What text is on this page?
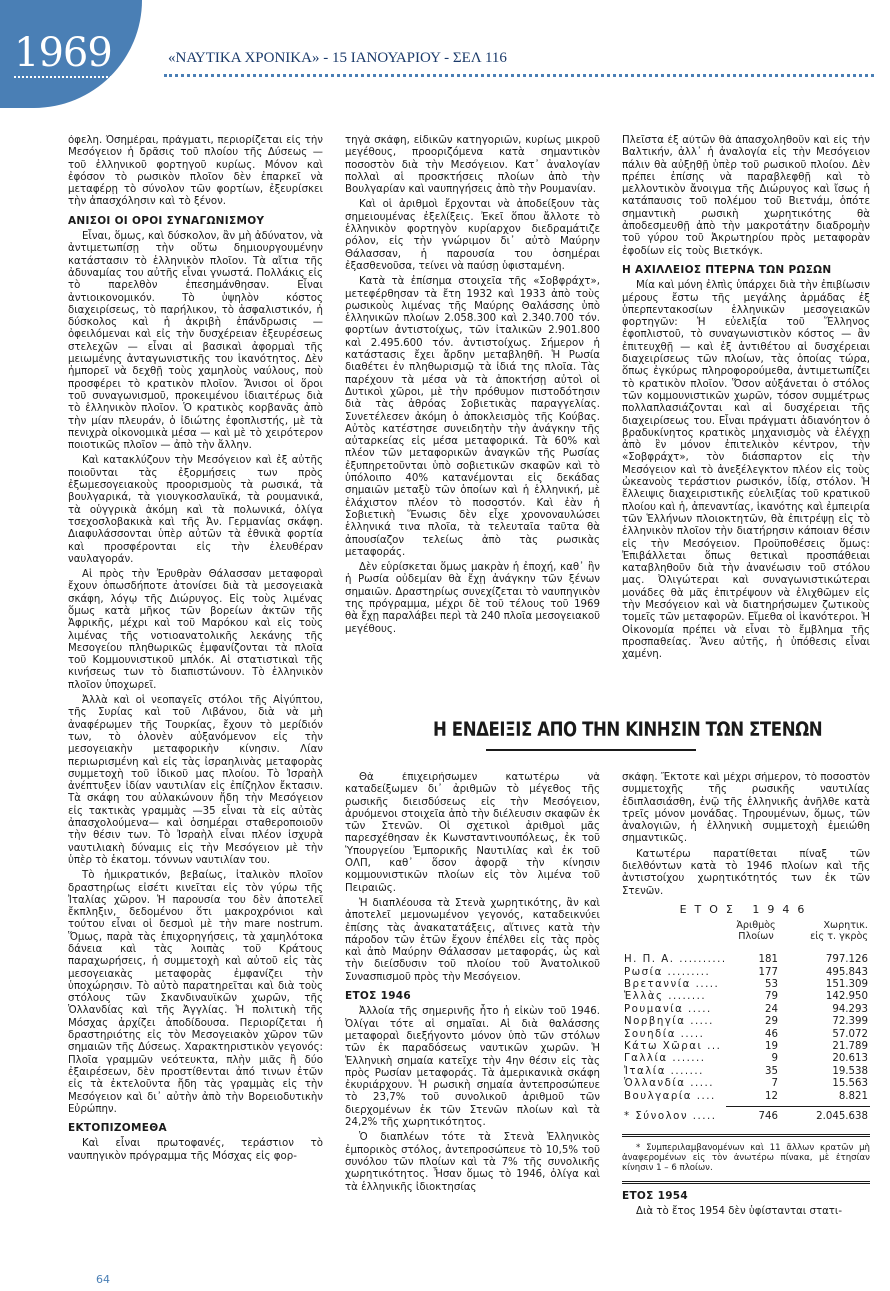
1969	«ΝΑΥΤΙΚΑ ΧΡΟΝΙΚΑ» - 15 ΙΑΝΟΥΑΡΙΟΥ - ΣΕΛ 116

όφελη. Ὀσημέραι, πράγματι, περιορίζεται εἰς τὴν Μεσόγειον ἡ δρᾶσις τοῦ πλοίου τῆς Δύσεως — τοῦ ἑλληνικοῦ φορτηγοῦ κυρίως. Μόνον καὶ ἐφόσον τὸ ρωσικὸν πλοῖον δὲν ἐπαρκεῖ νὰ μεταφέρῃ τὸ σύνολον τῶν φορτίων, ἐξευρίσκει τὴν ἀπασχόλησιν καὶ τὸ ξένον.

ΑΝΙΣΟΙ ΟΙ ΟΡΟΙ ΣΥΝΑΓΩΝΙΣΜΟΥ

Εἶναι, ὅμως, καὶ δύσκολον, ἂν μὴ ἀδύνατον, νὰ ἀντιμετωπίσῃ τὴν οὕτω δημιουργουμένην κατάστασιν τὸ ἑλληνικὸν πλοῖον. Τὰ αἴτια τῆς ἀδυναμίας του αὐτῆς εἶναι γνωστά. Πολλάκις εἰς τὸ παρελθὸν ἐπεσημάνθησαν. Εἶναι ἀντιοικονομικόν. Τὸ ὑψηλὸν κόστος διαχειρίσεως, τὸ παρήλικον, τὸ ἀσφαλιστικόν, ἡ δύσκολος καὶ ἡ ἀκριβὴ ἐπάνδρωσις — ὀφειλόμεναι καὶ εἰς τὴν δυσχέρειαν ἐξευρέσεως στελεχῶν — εἶναι αἱ βασικαὶ ἀφορμαὶ τῆς μειωμένης ἀνταγωνιστικῆς του ἱκανότητος. Δὲν ἠμπορεῖ νὰ δεχθῇ τοὺς χαμηλοὺς ναύλους, ποὺ προσφέρει τὸ κρατικὸν πλοῖον. Ἄνισοι οἱ ὅροι τοῦ συναγωνισμοῦ, προκειμένου ἰδιαιτέρως διὰ τὸ ἑλληνικὸν πλοῖον. Ὁ κρατικὸς κορβανᾶς ἀπὸ τὴν μίαν πλευράν, ὁ ἰδιώτης ἐφοπλιστής, μὲ τὰ πενιχρὰ οἰκονομικὰ μέσα — καὶ μὲ τὸ χειρότερον ποιοτικῶς πλοῖον — ἀπὸ τὴν ἄλλην.

Καὶ κατακλύζουν τὴν Μεσόγειον καὶ ἐξ αὐτῆς ποιοῦνται τὰς ἐξορμήσεις των πρὸς ἐξωμεσογειακοὺς προορισμοὺς τὰ ρωσικά, τὰ βουλγαρικά, τὰ γιουγκοσλαυϊκά, τὰ ρουμανικά, τὰ οὑγγρικὰ ἀκόμη καὶ τὰ πολωνικά, ὀλίγα τσεχοσλοβακικὰ καὶ τῆς Ἀν. Γερμανίας σκάφη. Διαφυλάσσονται ὑπὲρ αὐτῶν τὰ ἐθνικὰ φορτία καὶ προσφέρονται εἰς τὴν ἐλευθέραν ναυλαγοράν.

Αἱ πρὸς τὴν Ἐρυθρὰν Θάλασσαν μεταφοραὶ ἔχουν ὁπωσδήποτε ἀτονίσει διὰ τὰ μεσογειακὰ σκάφη, λόγῳ τῆς Διώρυγος. Εἰς τοὺς λιμένας ὅμως κατὰ μῆκος τῶν βορείων ἀκτῶν τῆς Ἀφρικῆς, μέχρι καὶ τοῦ Μαρόκου καὶ εἰς τοὺς λιμένας τῆς νοτιοανατολικῆς λεκάνης τῆς Μεσογείου πληθωρικῶς ἐμφανίζονται τὰ πλοῖα τοῦ Κομμουνιστικοῦ μπλόκ. Αἱ στατιστικαὶ τῆς κινήσεως των τὸ διαπιστώνουν. Τὸ ἑλληνικὸν πλοῖον ὑποχωρεῖ.

Ἀλλὰ καὶ οἱ νεοπαγεῖς στόλοι τῆς Αἰγύπτου, τῆς Συρίας καὶ τοῦ Λιβάνου, διὰ νὰ μὴ ἀναφέρωμεν τῆς Τουρκίας, ἔχουν τὸ μερίδιόν των, τὸ ὁλονὲν αὐξανόμενον εἰς τὴν μεσογειακὴν μεταφορικὴν κίνησιν. Λίαν περιωρισμένη καὶ εἰς τὰς ἰσραηλινὰς μεταφορὰς συμμετοχὴ τοῦ ἰδικοῦ μας πλοίου. Τὸ Ἰσραὴλ ἀνέπτυξεν ἰδίαν ναυτιλίαν εἰς ἐπίζηλον ἔκτασιν. Τὰ σκάφη του αὐλακώνουν ἤδη τὴν Μεσόγειον εἰς τακτικὰς γραμμὰς —35 εἶναι τὰ εἰς αὐτὰς ἀπασχολούμενα— καὶ ὁσημέραι σταθεροποιοῦν τὴν θέσιν των. Τὸ Ἰσραὴλ εἶναι πλέον ἰσχυρὰ ναυτιλιακὴ δύναμις εἰς τὴν Μεσόγειον μὲ τὴν ὑπὲρ τὸ ἑκατομ. τόννων ναυτιλίαν του.

Τὸ ἡμικρατικόν, βεβαίως, ἰταλικὸν πλοῖον δραστηρίως εἰσέτι κινεῖται εἰς τὸν γύρω τῆς Ἰταλίας χῶρον. Ἡ παρουσία του δὲν ἀποτελεῖ ἔκπληξιν, δεδομένου ὅτι μακροχρόνιοι καὶ τούτου εἶναι οἱ δεσμοὶ μὲ τὴν mare nostrum. Ὅμως, παρὰ τὰς ἐπιχορηγήσεις, τὰ χαμηλότοκα δάνεια καὶ τὰς λοιπὰς τοῦ Κράτους παραχωρήσεις, ἡ συμμετοχὴ καὶ αὐτοῦ εἰς τὰς μεσογειακὰς μεταφορὰς ἐμφανίζει τὴν ὑποχώρησιν. Τὸ αὐτὸ παρατηρεῖται καὶ διὰ τοὺς στόλους τῶν Σκανδιναυϊκῶν χωρῶν, τῆς Ὁλλανδίας καὶ τῆς Ἀγγλίας. Ἡ πολιτικὴ τῆς Μόσχας ἀρχίζει ἀποδίδουσα. Περιορίζεται ἡ δραστηριότης εἰς τὸν Μεσογειακὸν χῶρον τῶν σημαιῶν τῆς Δύσεως. Χαρακτηριστικὸν γεγονός: Πλοῖα γραμμῶν νεότευκτα, πλὴν μιᾶς ἢ δύο ἐξαιρέσεων, δὲν προστίθενται ἀπό τινων ἐτῶν εἰς τὰ ἐκτελοῦντα ἤδη τὰς γραμμὰς εἰς τὴν Μεσόγειον καὶ δι᾽ αὐτὴν ἀπὸ τὴν Βορειοδυτικὴν Εὐρώπην.

ΕΚΤΟΠΙΖΟΜΕΘΑ

Καὶ εἶναι πρωτοφανές, τεράστιον τὸ ναυπηγικὸν πρόγραμμα τῆς Μόσχας εἰς φορ-

τηγὰ σκάφη, εἰδικῶν κατηγοριῶν, κυρίως μικροῦ μεγέθους, προοριζόμενα κατὰ σημαντικὸν ποσοστὸν διὰ τὴν Μεσόγειον. Κατ᾽ ἀναλογίαν πολλαὶ αἱ προσκτήσεις πλοίων ἀπὸ τὴν Βουλγαρίαν καὶ ναυπηγήσεις ἀπὸ τὴν Ρουμανίαν.

Καὶ οἱ ἀριθμοὶ ἔρχονται νὰ ἀποδείξουν τὰς σημειουμένας ἐξελίξεις. Ἐκεῖ ὅπου ἄλλοτε τὸ ἑλληνικὸν φορτηγὸν κυρίαρχον διεδραμάτιζε ρόλον, εἰς τὴν γνώριμον δι᾽ αὐτὸ Μαύρην Θάλασσαν, ἡ παρουσία του ὁσημέραι ἐξασθενοῦσα, τείνει νὰ παύσῃ ὑφισταμένη.

Κατὰ τὰ ἐπίσημα στοιχεῖα τῆς «Σοβφράχτ», μετεφέρθησαν τὰ ἔτη 1932 καὶ 1933 ἀπὸ τοὺς ρωσικοὺς λιμένας τῆς Μαύρης Θαλάσσης ὑπὸ ἑλληνικῶν πλοίων 2.058.300 καὶ 2.340.700 τόν. φορτίων ἀντιστοίχως, τῶν ἰταλικῶν 2.901.800 καὶ 2.495.600 τόν. ἀντιστοίχως. Σήμερον ἡ κατάστασις ἔχει ἄρδην μεταβληθῆ. Ἡ Ρωσία διαθέτει ἐν πληθωρισμῷ τὰ ἰδιά της πλοῖα. Τὰς παρέχουν τὰ μέσα νὰ τὰ ἀποκτήσῃ αὐτοὶ οἱ Δυτικοὶ χῶροι, μὲ τὴν πρόθυμον πιστοδότησιν διὰ τὰς ἀθρόας Σοβιετικὰς παραγγελίας. Συνετέλεσεν ἀκόμη ὁ ἀποκλεισμὸς τῆς Κούβας. Αὐτὸς κατέστησε συνειδητὴν τὴν ἀνάγκην τῆς αὐταρκείας εἰς μέσα μεταφορικά. Τὰ 60% καὶ πλέον τῶν μεταφορικῶν ἀναγκῶν τῆς Ρωσίας ἐξυπηρετοῦνται ὑπὸ σοβιετικῶν σκαφῶν καὶ τὸ ὑπόλοιπο 40% κατανέμονται εἰς δεκάδας σημαιῶν μεταξὺ τῶν ὁποίων καὶ ἡ ἑλληνική, μὲ ἐλάχιστον πλέον τὸ ποσοστόν. Καὶ ἐὰν ἡ Σοβιετικὴ Ἕνωσις δὲν εἶχε χρονοναυλώσει ἑλληνικά τινα πλοῖα, τὰ τελευταῖα ταῦτα θὰ ἀπουσίαζον τελείως ἀπὸ τὰς ρωσικὰς μεταφοράς.

Δὲν εὑρίσκεται ὅμως μακρὰν ἡ ἐποχή, καθ᾽ ἣν ἡ Ρωσία οὐδεμίαν θὰ ἔχῃ ἀνάγκην τῶν ξένων σημαιῶν. Δραστηρίως συνεχίζεται τὸ ναυπηγικὸν της πρόγραμμα, μέχρι δὲ τοῦ τέλους τοῦ 1969 θὰ ἔχῃ παραλάβει περὶ τὰ 240 πλοῖα μεσογειακοῦ μεγέθους.

Πλεῖστα ἐξ αὐτῶν θὰ ἀπασχοληθοῦν καὶ εἰς τὴν Βαλτικήν, ἀλλ᾽ ἡ ἀναλογία εἰς τὴν Μεσόγειον πάλιν θὰ αὐξηθῇ ὑπὲρ τοῦ ρωσικοῦ πλοίου. Δὲν πρέπει ἐπίσης νὰ παραβλεφθῇ καὶ τὸ μελλοντικὸν ἄνοιγμα τῆς Διώρυγος καὶ ἴσως ἡ κατάπαυσις τοῦ πολέμου τοῦ Βιετνάμ, ὁπότε σημαντικὴ ρωσικὴ χωρητικότης θὰ ἀποδεσμευθῇ ἀπὸ τὴν μακροτάτην διαδρομὴν τοῦ γύρου τοῦ Ἀκρωτηρίου πρὸς μεταφορὰν ἐφοδίων εἰς τοὺς Βιετκόγκ.

Η ΑΧΙΛΛΕΙΟΣ ΠΤΕΡΝΑ ΤΩΝ ΡΩΣΩΝ

Μία καὶ μόνη ἐλπὶς ὑπάρχει διὰ τὴν ἐπιβίωσιν μέρους ἔστω τῆς μεγάλης ἀρμάδας ἐξ ὑπερπεντακοσίων ἑλληνικῶν μεσογειακῶν φορτηγῶν: Ἡ εὐελιξία τοῦ Ἕλληνος ἐφοπλιστοῦ, τὸ συναγωνιστικὸν κόστος — ἂν ἐπιτευχθῇ — καὶ ἐξ ἀντιθέτου αἱ δυσχέρειαι διαχειρίσεως τῶν πλοίων, τὰς ὁποίας τώρα, ὅπως ἐγκύρως πληροφορούμεθα, ἀντιμετωπίζει τὸ κρατικὸν πλοῖον. Ὅσον αὐξάνεται ὁ στόλος τῶν κομμουνιστικῶν χωρῶν, τόσον συμμέτρως πολλαπλασιάζονται καὶ αἱ δυσχέρειαι τῆς διαχειρίσεως του. Εἶναι πράγματι ἀδιανόητον ὁ βραδυκίνητος κρατικὸς μηχανισμὸς νὰ ἐλέγχῃ ἀπὸ ἓν μόνον ἐπιτελικὸν κέντρον, τὴν «Σοβφράχτ», τὸν διάσπαρτον εἰς τὴν Μεσόγειον καὶ τὸ ἀνεξέλεγκτον πλέον εἰς τοὺς ὠκεανοὺς τεράστιον ρωσικόν, ἰδίᾳ, στόλον. Ἡ ἔλλειψις διαχειριστικῆς εὐελιξίας τοῦ κρατικοῦ πλοίου καὶ ἡ, ἀπεναντίας, ἱκανότης καὶ ἐμπειρία τῶν Ἑλλήνων πλοιοκτητῶν, θὰ ἐπιτρέψῃ εἰς τὸ ἑλληνικὸν πλοῖον τὴν διατήρησιν κάποιαν θέσιν εἰς τὴν Μεσόγειον. Προϋποθέσεις ὅμως: Ἐπιβάλλεται ὅπως θετικαὶ προσπάθειαι καταβληθοῦν διὰ τὴν ἀνανέωσιν τοῦ στόλου μας. Ὀλιγώτεραι καὶ συναγωνιστικώτεραι μονάδες θὰ μᾶς ἐπιτρέψουν νὰ ἐλιχθῶμεν εἰς τὴν Μεσόγειον καὶ νὰ διατηρήσωμεν ζωτικοὺς τομεῖς τῶν μεταφορῶν. Εἴμεθα οἱ ἱκανότεροι. Ἡ Οἰκονομία πρέπει νὰ εἶναι τὸ ἔμβλημα τῆς προσπαθείας. Ἄνευ αὐτῆς, ἡ ὑπόθεσις εἶναι χαμένη.

Η ΕΝΔΕΙΞΙΣ ΑΠΟ ΤΗΝ ΚΙΝΗΣΙΝ ΤΩΝ ΣΤΕΝΩΝ

Θὰ ἐπιχειρήσωμεν κατωτέρω νὰ καταδείξωμεν δι᾽ ἀριθμῶν τὸ μέγεθος τῆς ρωσικῆς διεισδύσεως εἰς τὴν Μεσόγειον, ἀρυόμενοι στοιχεῖα ἀπὸ τὴν διέλευσιν σκαφῶν ἐκ τῶν Στενῶν. Οἱ σχετικοὶ ἀριθμοὶ μᾶς παρεσχέθησαν ἐκ Κωνσταντινουπόλεως, ἐκ τοῦ Ὑπουργείου Ἐμπορικῆς Ναυτιλίας καὶ ἐκ τοῦ ΟΛΠ, καθ᾽ ὅσον ἀφορᾷ τὴν κίνησιν κομμουνιστικῶν πλοίων εἰς τὸν λιμένα τοῦ Πειραιῶς.

Ἡ διαπλέουσα τὰ Στενὰ χωρητικότης, ἂν καὶ ἀποτελεῖ μεμονωμένον γεγονός, καταδεικνύει ἐπίσης τὰς ἀνακατατάξεις, αἵτινες κατὰ τὴν πάροδον τῶν ἐτῶν ἔχουν ἐπέλθει εἰς τὰς πρὸς καὶ ἀπὸ Μαύρην Θάλασσαν μεταφοράς, ὡς καὶ τὴν διείσδυσιν τοῦ πλοίου τοῦ Ἀνατολικοῦ Συνασπισμοῦ πρὸς τὴν Μεσόγειον.

ΕΤΟΣ 1946

Ἀλλοία τῆς σημερινῆς ἦτο ἡ εἰκὼν τοῦ 1946. Ὀλίγαι τότε αἱ σημαῖαι. Αἱ διὰ θαλάσσης μεταφοραὶ διεξήγοντο μόνον ὑπὸ τῶν στόλων τῶν ἐκ παραδόσεως ναυτικῶν χωρῶν. Ἡ Ἑλληνικὴ σημαία κατεῖχε τὴν 4ην θέσιν εἰς τὰς πρὸς Ρωσίαν μεταφοράς. Τὰ ἀμερικανικὰ σκάφη ἐκυριάρχουν. Ἡ ρωσικὴ σημαία ἀντεπροσώπευε τὸ 23,7% τοῦ συνολικοῦ ἀριθμοῦ τῶν διερχομένων ἐκ τῶν Στενῶν πλοίων καὶ τὰ 24,2% τῆς χωρητικότητος.

Ὁ διαπλέων τότε τὰ Στενὰ Ἑλληνικὸς ἐμπορικὸς στόλος, ἀντεπροσώπευε τὸ 10,5% τοῦ συνόλου τῶν πλοίων καὶ τὰ 7% τῆς συνολικῆς χωρητικότητος. Ἦσαν ὅμως τὸ 1946, ὀλίγα καὶ τὰ ἑλληνικῆς ἰδιοκτησίας

σκάφη. Ἔκτοτε καὶ μέχρι σήμερον, τὸ ποσοστὸν συμμετοχῆς τῆς ρωσικῆς ναυτιλίας ἐδιπλασιάσθη, ἐνῷ τῆς ἑλληνικῆς ἀνῆλθε κατὰ τρεῖς μόνον μονάδας. Τηρουμένων, ὅμως, τῶν ἀναλογιῶν, ἡ ἑλληνικὴ συμμετοχὴ ἐμειώθη σημαντικῶς.

Κατωτέρω παρατίθεται πίναξ τῶν διελθόντων κατὰ τὸ 1946 πλοίων καὶ τῆς ἀντιστοίχου χωρητικότητός των ἐκ τῶν Στενῶν.

ΕΤΟΣ 1946
Ἀριθμὸς Πλοίων
Χωρητικ. εἰς τ. γκρὸς
Η. Π. Α. ..........	181	797.126
Ρωσία .........	177	495.843
Βρεταννία .....	53	151.309
Ἑλλὰς ........	79	142.950
Ρουμανία .....	24	94.293
Νορβηγία .....	29	72.399
Σουηδία .....	46	57.072
Κάτω Χῶραι ...	19	21.789
Γαλλία .......	9	20.613
Ἰταλία .......	35	19.538
Ὁλλανδία .....	7	15.563
Βουλγαρία ....	12	8.821
* Σύνολον .....	746	2.045.638

* Συμπεριλαμβανομένων καὶ 11 ἄλλων κρατῶν μὴ ἀναφερομένων εἰς τὸν ἀνωτέρω πίνακα, μὲ ἐτησίαν κίνησιν 1 – 6 πλοίων.

ΕΤΟΣ 1954

Διὰ τὸ ἔτος 1954 δὲν ὑφίστανται στατι-

64
